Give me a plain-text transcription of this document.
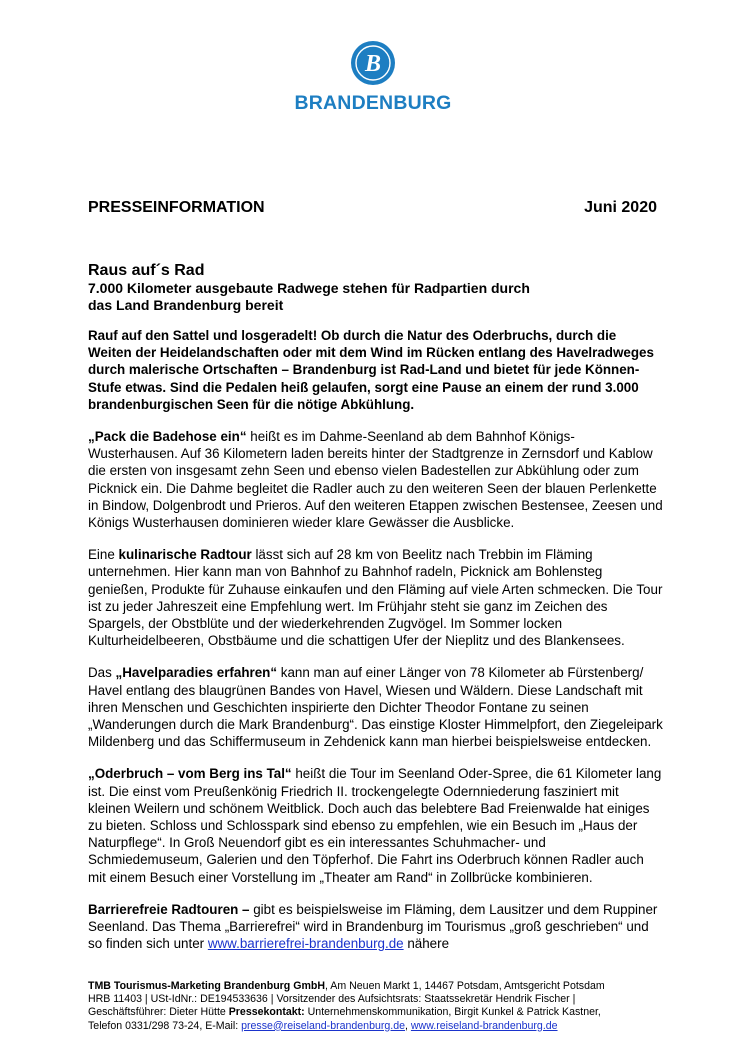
B
BRANDENBURG
PRESSEINFORMATION	Juni 2020
Raus auf´s Rad
7.000 Kilometer ausgebaute Radwege stehen für Radpartien durch
das Land Brandenburg bereit
Rauf auf den Sattel und losgeradelt! Ob durch die Natur des Oderbruchs, durch die Weiten der Heidelandschaften oder mit dem Wind im Rücken entlang des Havelradweges durch malerische Ortschaften – Brandenburg ist Rad-Land und bietet für jede Können-Stufe etwas. Sind die Pedalen heiß gelaufen, sorgt eine Pause an einem der rund 3.000 brandenburgischen Seen für die nötige Abkühlung.

„Pack die Badehose ein“ heißt es im Dahme-Seenland ab dem Bahnhof Königs-Wusterhausen. Auf 36 Kilometern laden bereits hinter der Stadtgrenze in Zernsdorf und Kablow die ersten von insgesamt zehn Seen und ebenso vielen Badestellen zur Abkühlung oder zum Picknick ein. Die Dahme begleitet die Radler auch zu den weiteren Seen der blauen Perlenkette in Bindow, Dolgenbrodt und Prieros. Auf den weiteren Etappen zwischen Bestensee, Zeesen und Königs Wusterhausen dominieren wieder klare Gewässer die Ausblicke.

Eine kulinarische Radtour lässt sich auf 28 km von Beelitz nach Trebbin im Fläming unternehmen. Hier kann man von Bahnhof zu Bahnhof radeln, Picknick am Bohlensteg genießen, Produkte für Zuhause einkaufen und den Fläming auf viele Arten schmecken. Die Tour ist zu jeder Jahreszeit eine Empfehlung wert. Im Frühjahr steht sie ganz im Zeichen des Spargels, der Obstblüte und der wiederkehrenden Zugvögel. Im Sommer locken Kulturheidelbeeren, Obstbäume und die schattigen Ufer der Nieplitz und des Blankensees.

Das „Havelparadies erfahren“ kann man auf einer Länger von 78 Kilometer ab Fürstenberg/ Havel entlang des blaugrünen Bandes von Havel, Wiesen und Wäldern. Diese Landschaft mit ihren Menschen und Geschichten inspirierte den Dichter Theodor Fontane zu seinen „Wanderungen durch die Mark Brandenburg“. Das einstige Kloster Himmelpfort, den Ziegeleipark Mildenberg und das Schiffermuseum in Zehdenick kann man hierbei beispielsweise entdecken.

„Oderbruch – vom Berg ins Tal“ heißt die Tour im Seenland Oder-Spree, die 61 Kilometer lang ist. Die einst vom Preußenkönig Friedrich II. trockengelegte Odernniederung fasziniert mit kleinen Weilern und schönem Weitblick. Doch auch das belebtere Bad Freienwalde hat einiges zu bieten. Schloss und Schlosspark sind ebenso zu empfehlen, wie ein Besuch im „Haus der Naturpflege“. In Groß Neuendorf gibt es ein interessantes Schuhmacher- und Schmiedemuseum, Galerien und den Töpferhof. Die Fahrt ins Oderbruch können Radler auch mit einem Besuch einer Vorstellung im „Theater am Rand“ in Zollbrücke kombinieren.

Barrierefreie Radtouren – gibt es beispielsweise im Fläming, dem Lausitzer und dem Ruppiner Seenland. Das Thema „Barrierefrei“ wird in Brandenburg im Tourismus „groß geschrieben“ und so finden sich unter www.barrierefrei-brandenburg.de nähere

TMB Tourismus-Marketing Brandenburg GmbH, Am Neuen Markt 1, 14467 Potsdam, Amtsgericht Potsdam
HRB 11403 | USt-IdNr.: DE194533636 | Vorsitzender des Aufsichtsrats: Staatssekretär Hendrik Fischer |
Geschäftsführer: Dieter Hütte Pressekontakt: Unternehmenskommunikation, Birgit Kunkel & Patrick Kastner,
Telefon 0331/298 73-24, E-Mail: presse@reiseland-brandenburg.de, www.reiseland-brandenburg.de
